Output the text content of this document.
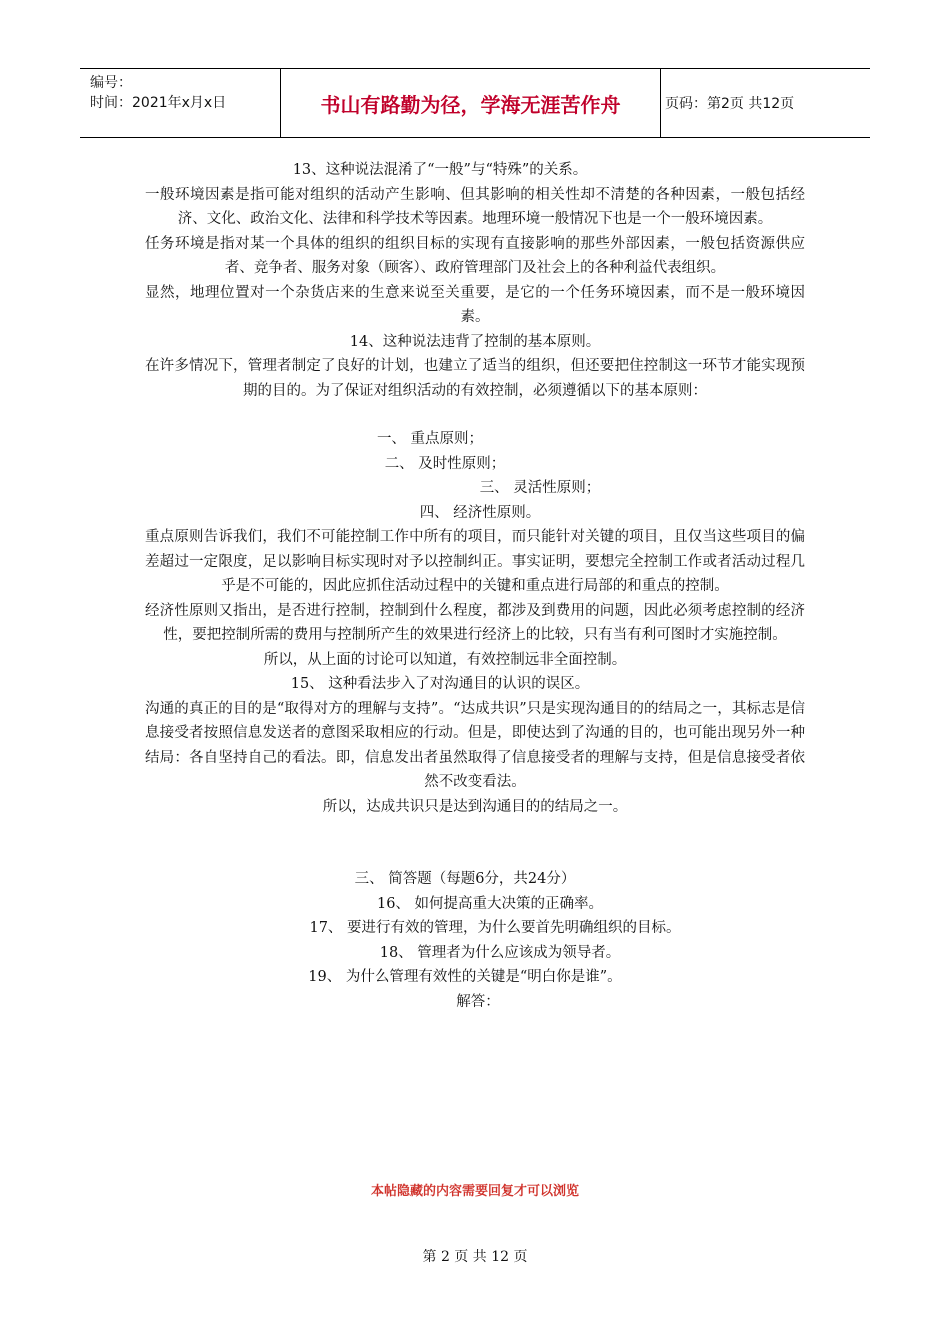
编号：
时间：2021年x月x日	书山有路勤为径，学海无涯苦作舟	页码：第2页 共12页

13、这种说法混淆了“一般”与“特殊”的关系。

一般环境因素是指可能对组织的活动产生影响、但其影响的相关性却不清楚的各种因素，一般包括经济、文化、政治文化、法律和科学技术等因素。地理环境一般情况下也是一个一般环境因素。

任务环境是指对某一个具体的组织的组织目标的实现有直接影响的那些外部因素，一般包括资源供应者、竞争者、服务对象（顾客）、政府管理部门及社会上的各种利益代表组织。

显然，地理位置对一个杂货店来的生意来说至关重要，是它的一个任务环境因素，而不是一般环境因素。

14、这种说法违背了控制的基本原则。

在许多情况下，管理者制定了良好的计划，也建立了适当的组织，但还要把住控制这一环节才能实现预期的目的。为了保证对组织活动的有效控制，必须遵循以下的基本原则：

一、 重点原则；

二、 及时性原则；

三、 灵活性原则；

四、 经济性原则。

重点原则告诉我们，我们不可能控制工作中所有的项目，而只能针对关键的项目，且仅当这些项目的偏差超过一定限度，足以影响目标实现时对予以控制纠正。事实证明，要想完全控制工作或者活动过程几乎是不可能的，因此应抓住活动过程中的关键和重点进行局部的和重点的控制。

经济性原则又指出，是否进行控制，控制到什么程度，都涉及到费用的问题，因此必须考虑控制的经济性，要把控制所需的费用与控制所产生的效果进行经济上的比较，只有当有利可图时才实施控制。

所以，从上面的讨论可以知道，有效控制远非全面控制。

15、 这种看法步入了对沟通目的认识的误区。

沟通的真正的目的是“取得对方的理解与支持”。“达成共识”只是实现沟通目的的结局之一，其标志是信息接受者按照信息发送者的意图采取相应的行动。但是，即使达到了沟通的目的，也可能出现另外一种结局：各自坚持自己的看法。即，信息发出者虽然取得了信息接受者的理解与支持，但是信息接受者依然不改变看法。

所以，达成共识只是达到沟通目的的结局之一。

三、 简答题（每题6分，共24分）

16、 如何提高重大决策的正确率。

17、 要进行有效的管理，为什么要首先明确组织的目标。

18、 管理者为什么应该成为领导者。

19、 为什么管理有效性的关键是“明白你是谁”。

解答：

本帖隐藏的内容需要回复才可以浏览
第 2 页 共 12 页
